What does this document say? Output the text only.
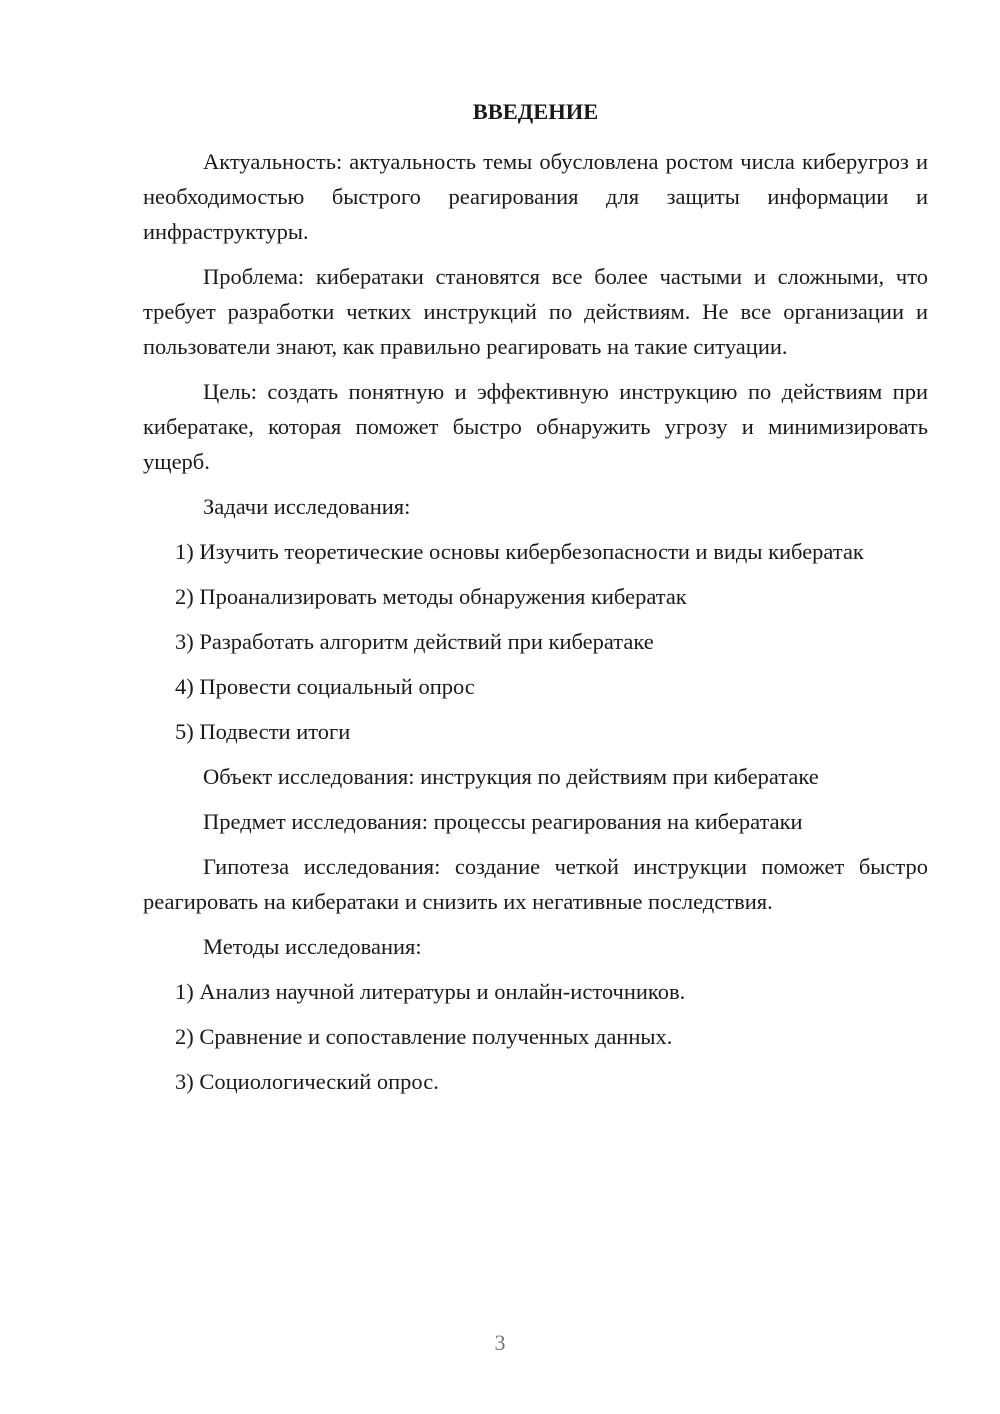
ВВЕДЕНИЕ

Актуальность: актуальность темы обусловлена ростом числа киберугроз и необходимостью быстрого реагирования для защиты информации и инфраструктуры.

Проблема: кибератаки становятся все более частыми и сложными, что требует разработки четких инструкций по действиям. Не все организации и пользователи знают, как правильно реагировать на такие ситуации.

Цель: создать понятную и эффективную инструкцию по действиям при кибератаке, которая поможет быстро обнаружить угрозу и минимизировать ущерб.

Задачи исследования:

1) Изучить теоретические основы кибербезопасности и виды кибератак

2) Проанализировать методы обнаружения кибератак

3) Разработать алгоритм действий при кибератаке

4) Провести социальный опрос

5) Подвести итоги

Объект исследования: инструкция по действиям при кибератаке

Предмет исследования: процессы реагирования на кибератаки

Гипотеза исследования: создание четкой инструкции поможет быстро реагировать на кибератаки и снизить их негативные последствия.

Методы исследования:

1) Анализ научной литературы и онлайн-источников.

2) Сравнение и сопоставление полученных данных.

3) Социологический опрос.

3
